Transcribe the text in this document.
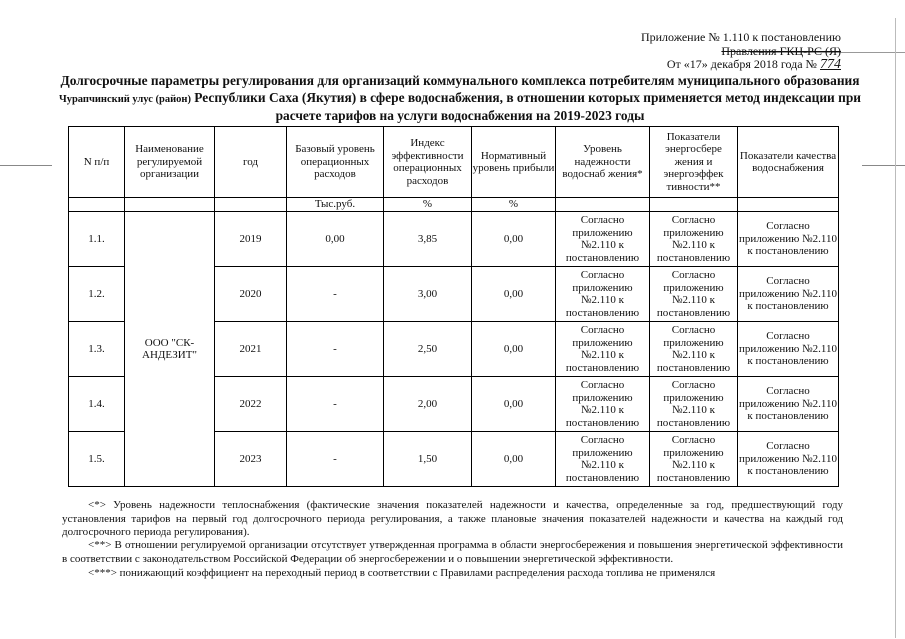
Приложение № 1.110 к постановлению
Правления ГКЦ-РС (Я)
От «17» декабря 2018 года № 774
Долгосрочные параметры регулирования для организаций коммунального комплекса потребителям муниципального образования Чурапчинский улус (район) Республики Саха (Якутия) в сфере водоснабжения, в отношении которых применяется метод индексации при расчете тарифов на услуги водоснабжения на 2019-2023 годы
N п/п	Наименование регулируемой организации	год	Базовый уровень операционных расходов	Индекс эффективности операционных расходов	Нормативный уровень прибыли	Уровень надежности водоснаб жения*	Показатели энергосбере жения и энергоэффек тивности**	Показатели качества водоснабжения
			Тыс.руб.	%	%			
1.1.	ООО "СК-АНДЕЗИТ"	2019	0,00	3,85	0,00	Согласно приложению №2.110 к постановлению	Согласно приложению №2.110 к постановлению	Согласно приложению №2.110 к постановлению
1.2.		2020	-	3,00	0,00	Согласно приложению №2.110 к постановлению	Согласно приложению №2.110 к постановлению	Согласно приложению №2.110 к постановлению
1.3.		2021	-	2,50	0,00	Согласно приложению №2.110 к постановлению	Согласно приложению №2.110 к постановлению	Согласно приложению №2.110 к постановлению
1.4.		2022	-	2,00	0,00	Согласно приложению №2.110 к постановлению	Согласно приложению №2.110 к постановлению	Согласно приложению №2.110 к постановлению
1.5.		2023	-	1,50	0,00	Согласно приложению №2.110 к постановлению	Согласно приложению №2.110 к постановлению	Согласно приложению №2.110 к постановлению
<*> Уровень надежности теплоснабжения (фактические значения показателей надежности и качества, определенные за год, предшествующий году установления тарифов на первый год долгосрочного периода регулирования, а также плановые значения показателей надежности и качества на каждый год долгосрочного периода регулирования).
<**> В отношении регулируемой организации отсутствует утвержденная программа в области энергосбережения и повышения энергетической эффективности в соответствии с законодательством Российской Федерации об энергосбережении и о повышении энергетической эффективности.
<***> понижающий коэффициент на переходный период в соответствии с Правилами распределения расхода топлива не применялся
